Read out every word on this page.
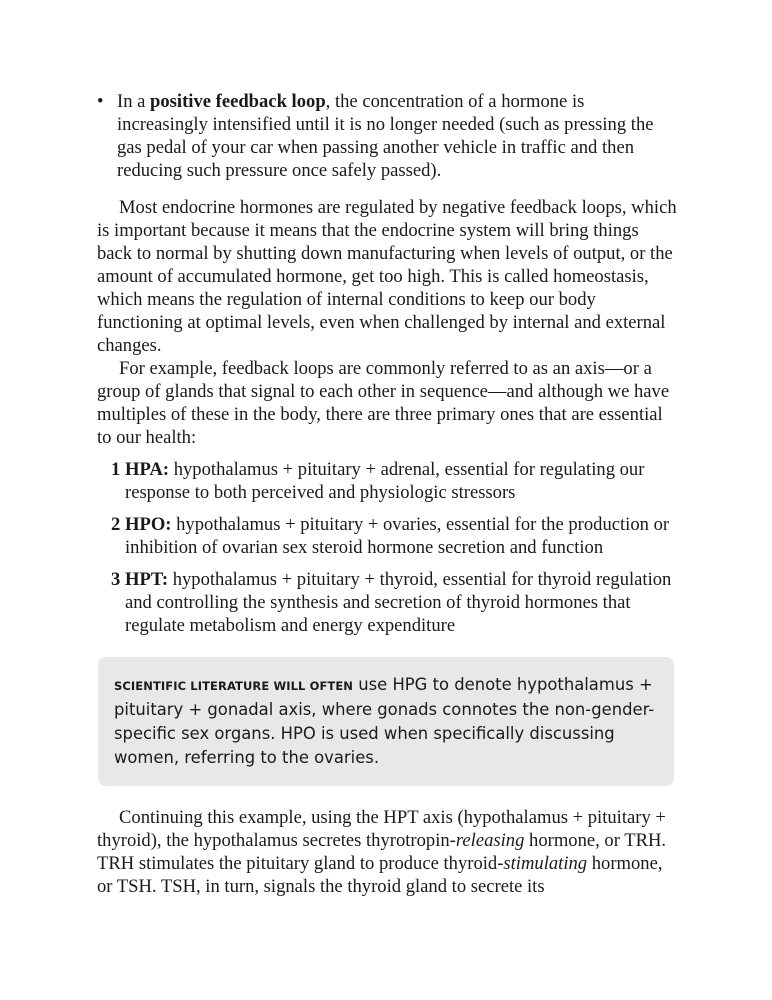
• In a positive feedback loop, the concentration of a hormone is increasingly intensified until it is no longer needed (such as pressing the gas pedal of your car when passing another vehicle in traffic and then reducing such pressure once safely passed).

Most endocrine hormones are regulated by negative feedback loops, which is important because it means that the endocrine system will bring things back to normal by shutting down manufacturing when levels of output, or the amount of accumulated hormone, get too high. This is called homeostasis, which means the regulation of internal conditions to keep our body functioning at optimal levels, even when challenged by internal and external changes.

For example, feedback loops are commonly referred to as an axis—or a group of glands that signal to each other in sequence—and although we have multiples of these in the body, there are three primary ones that are essential to our health:

1 HPA: hypothalamus + pituitary + adrenal, essential for regulating our response to both perceived and physiologic stressors
2 HPO: hypothalamus + pituitary + ovaries, essential for the production or inhibition of ovarian sex steroid hormone secretion and function
3 HPT: hypothalamus + pituitary + thyroid, essential for thyroid regulation and controlling the synthesis and secretion of thyroid hormones that regulate metabolism and energy expenditure
SCIENTIFIC LITERATURE WILL OFTEN use HPG to denote hypothalamus + pituitary + gonadal axis, where gonads connotes the non-gender-specific sex organs. HPO is used when specifically discussing women, referring to the ovaries.

Continuing this example, using the HPT axis (hypothalamus + pituitary + thyroid), the hypothalamus secretes thyrotropin-releasing hormone, or TRH. TRH stimulates the pituitary gland to produce thyroid-stimulating hormone, or TSH. TSH, in turn, signals the thyroid gland to secrete its
